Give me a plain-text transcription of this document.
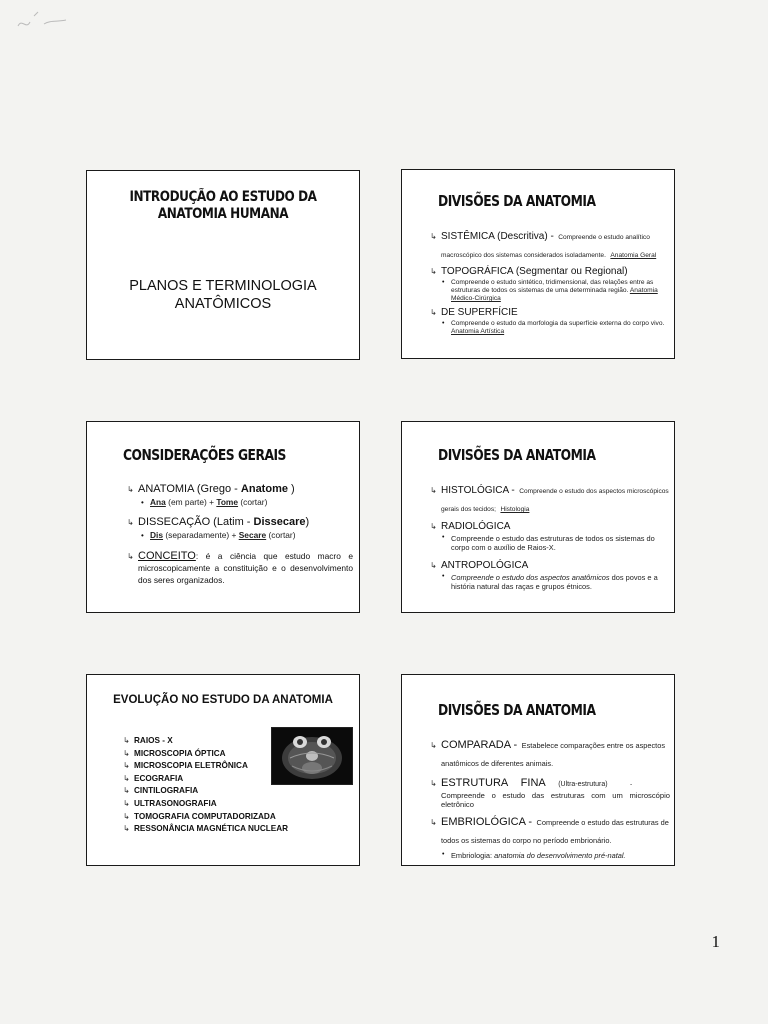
INTRODUÇÃO AO ESTUDO DA
ANATOMIA HUMANA
PLANOS E TERMINOLOGIA
ANATÔMICOS
DIVISÕES DA ANATOMIA
↳ SISTÊMICA (Descritiva) - Compreende o estudo analítico macroscópico dos sistemas considerados isoladamente. Anatomia Geral
↳ TOPOGRÁFICA (Segmentar ou Regional)
• Compreende o estudo sintético, tridimensional, das relações entre as estruturas de todos os sistemas de uma determinada região. Anatomia Médico-Cirúrgica
↳ DE SUPERFÍCIE
• Compreende o estudo da morfologia da superfície externa do corpo vivo. Anatomia Artística
CONSIDERAÇÕES GERAIS
↳ ANATOMIA (Grego - Anatome )
• Ana (em parte) + Tome (cortar)
↳ DISSECAÇÃO (Latim - Dissecare)
• Dis (separadamente) + Secare (cortar)
↳ CONCEITO: é a ciência que estudo macro e microscopicamente a constituição e o desenvolvimento dos seres organizados.
DIVISÕES DA ANATOMIA
↳ HISTOLÓGICA - Compreende o estudo dos aspectos microscópicos gerais dos tecidos; Histologia
↳ RADIOLÓGICA
• Compreende o estudo das estruturas de todos os sistemas do corpo com o auxílio de Raios-X.
↳ ANTROPOLÓGICA
• Compreende o estudo dos aspectos anatômicos dos povos e a história natural das raças e grupos étnicos.
EVOLUÇÃO NO ESTUDO DA ANATOMIA
↳ RAIOS - X
↳ MICROSCOPIA ÓPTICA
↳ MICROSCOPIA ELETRÔNICA
↳ ECOGRAFIA
↳ CINTILOGRAFIA
↳ ULTRASONOGRAFIA
↳ TOMOGRAFIA COMPUTADORIZADA
↳ RESSONÂNCIA MAGNÉTICA NUCLEAR
DIVISÕES DA ANATOMIA
↳ COMPARADA - Estabelece comparações entre os aspectos anatômicos de diferentes animais.
↳ ESTRUTURA FINA (Ultra-estrutura)	-
Compreende o estudo das estruturas com um microscópio eletrônico
↳ EMBRIOLÓGICA - Compreende o estudo das estruturas de todos os sistemas do corpo no período embrionário.
• Embriologia: anatomia do desenvolvimento pré-natal.
1
